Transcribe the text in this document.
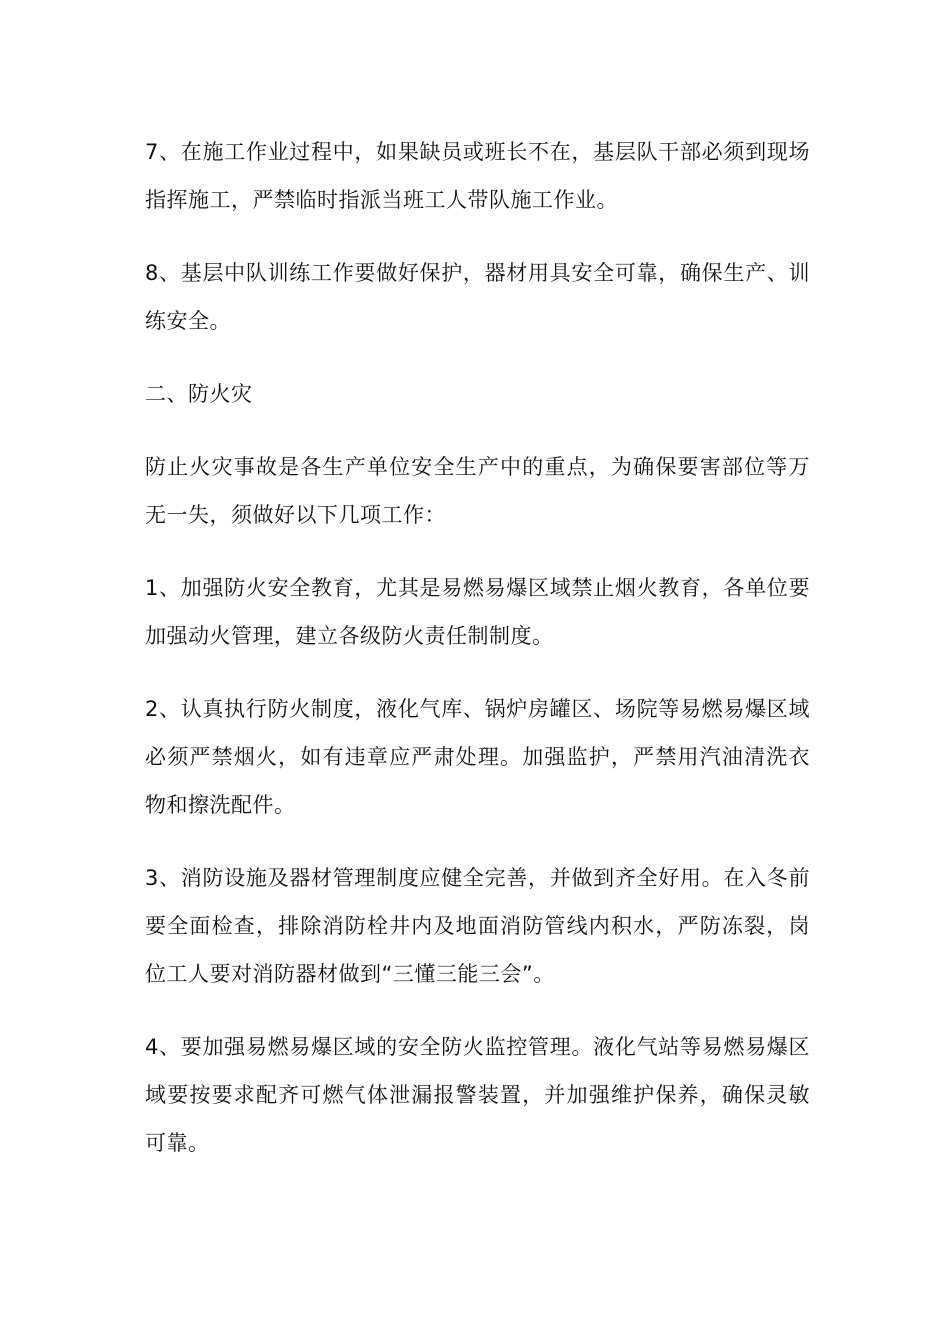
7、在施工作业过程中，如果缺员或班长不在，基层队干部必须到现场指挥施工，严禁临时指派当班工人带队施工作业。

8、基层中队训练工作要做好保护，器材用具安全可靠，确保生产、训练安全。

二、防火灾

防止火灾事故是各生产单位安全生产中的重点，为确保要害部位等万无一失，须做好以下几项工作：

1、加强防火安全教育，尤其是易燃易爆区域禁止烟火教育，各单位要加强动火管理，建立各级防火责任制制度。

2、认真执行防火制度，液化气库、锅炉房罐区、场院等易燃易爆区域必须严禁烟火，如有违章应严肃处理。加强监护，严禁用汽油清洗衣物和擦洗配件。

3、消防设施及器材管理制度应健全完善，并做到齐全好用。在入冬前要全面检查，排除消防栓井内及地面消防管线内积水，严防冻裂，岗位工人要对消防器材做到“三懂三能三会”。

4、要加强易燃易爆区域的安全防火监控管理。液化气站等易燃易爆区域要按要求配齐可燃气体泄漏报警装置，并加强维护保养，确保灵敏可靠。
